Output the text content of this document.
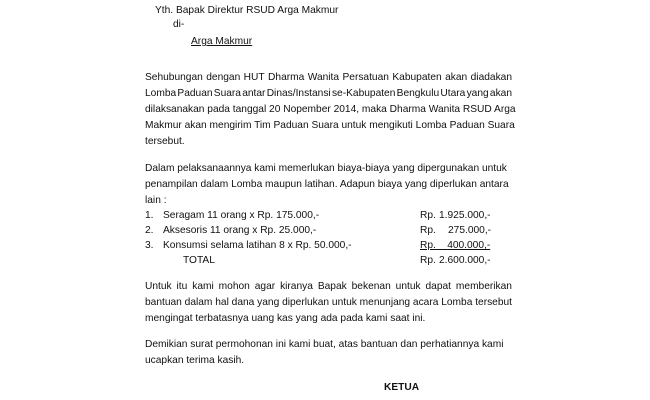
Yth. Bapak Direktur RSUD Arga Makmur
di-
Arga Makmur
Sehubungan dengan HUT Dharma Wanita Persatuan Kabupaten akan diadakan
Lomba Paduan Suara antar Dinas/Instansi se-Kabupaten Bengkulu Utara yang akan
dilaksanakan pada tanggal 20 Nopember 2014, maka Dharma Wanita RSUD Arga
Makmur akan mengirim Tim Paduan Suara untuk mengikuti Lomba Paduan Suara
tersebut.
Dalam pelaksanaannya kami memerlukan biaya-biaya yang dipergunakan untuk
penampilan dalam Lomba maupun latihan. Adapun biaya yang diperlukan antara
lain :
1. Seragam 11 orang x Rp. 175.000,-	Rp. 1.925.000,-
2. Aksesoris 11 orang x Rp. 25.000,-	Rp. 275.000,-
3. Konsumsi selama latihan 8 x Rp. 50.000,-	Rp. 400.000,-
TOTAL	Rp. 2.600.000,-
Untuk itu kami mohon agar kiranya Bapak bekenan untuk dapat memberikan
bantuan dalam hal dana yang diperlukan untuk menunjang acara Lomba tersebut
mengingat terbatasnya uang kas yang ada pada kami saat ini.
Demikian surat permohonan ini kami buat, atas bantuan dan perhatiannya kami
ucapkan terima kasih.
KETUA
